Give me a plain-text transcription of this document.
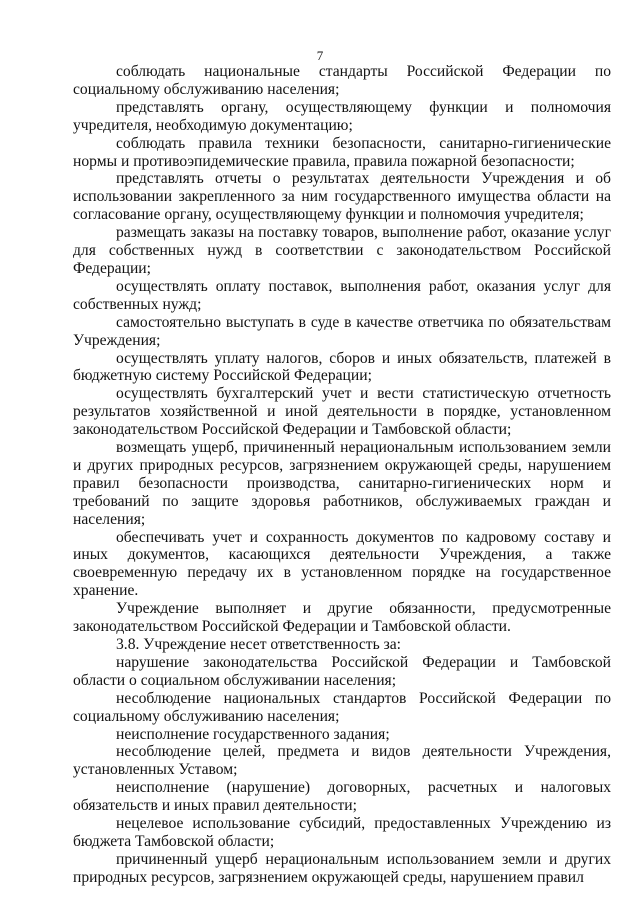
7

соблюдать национальные стандарты Российской Федерации по социальному обслуживанию населения;

представлять органу, осуществляющему функции и полномочия учредителя, необходимую документацию;

соблюдать правила техники безопасности, санитарно-гигиенические нормы и противоэпидемические правила, правила пожарной безопасности;

представлять отчеты о результатах деятельности Учреждения и об использовании закрепленного за ним государственного имущества области на согласование органу, осуществляющему функции и полномочия учредителя;

размещать заказы на поставку товаров, выполнение работ, оказание услуг для собственных нужд в соответствии с законодательством Российской Федерации;

осуществлять оплату поставок, выполнения работ, оказания услуг для собственных нужд;

самостоятельно выступать в суде в качестве ответчика по обязательствам Учреждения;

осуществлять уплату налогов, сборов и иных обязательств, платежей в бюджетную систему Российской Федерации;

осуществлять бухгалтерский учет и вести статистическую отчетность результатов хозяйственной и иной деятельности в порядке, установленном законодательством Российской Федерации и Тамбовской области;

возмещать ущерб, причиненный нерациональным использованием земли и других природных ресурсов, загрязнением окружающей среды, нарушением правил безопасности производства, санитарно-гигиенических норм и требований по защите здоровья работников, обслуживаемых граждан и населения;

обеспечивать учет и сохранность документов по кадровому составу и иных документов, касающихся деятельности Учреждения, а также своевременную передачу их в установленном порядке на государственное хранение.

Учреждение выполняет и другие обязанности, предусмотренные законодательством Российской Федерации и Тамбовской области.

3.8. Учреждение несет ответственность за:

нарушение законодательства Российской Федерации и Тамбовской области о социальном обслуживании населения;

несоблюдение национальных стандартов Российской Федерации по социальному обслуживанию населения;

неисполнение государственного задания;

несоблюдение целей, предмета и видов деятельности Учреждения, установленных Уставом;

неисполнение (нарушение) договорных, расчетных и налоговых обязательств и иных правил деятельности;

нецелевое использование субсидий, предоставленных Учреждению из бюджета Тамбовской области;

причиненный ущерб нерациональным использованием земли и других природных ресурсов, загрязнением окружающей среды, нарушением правил
